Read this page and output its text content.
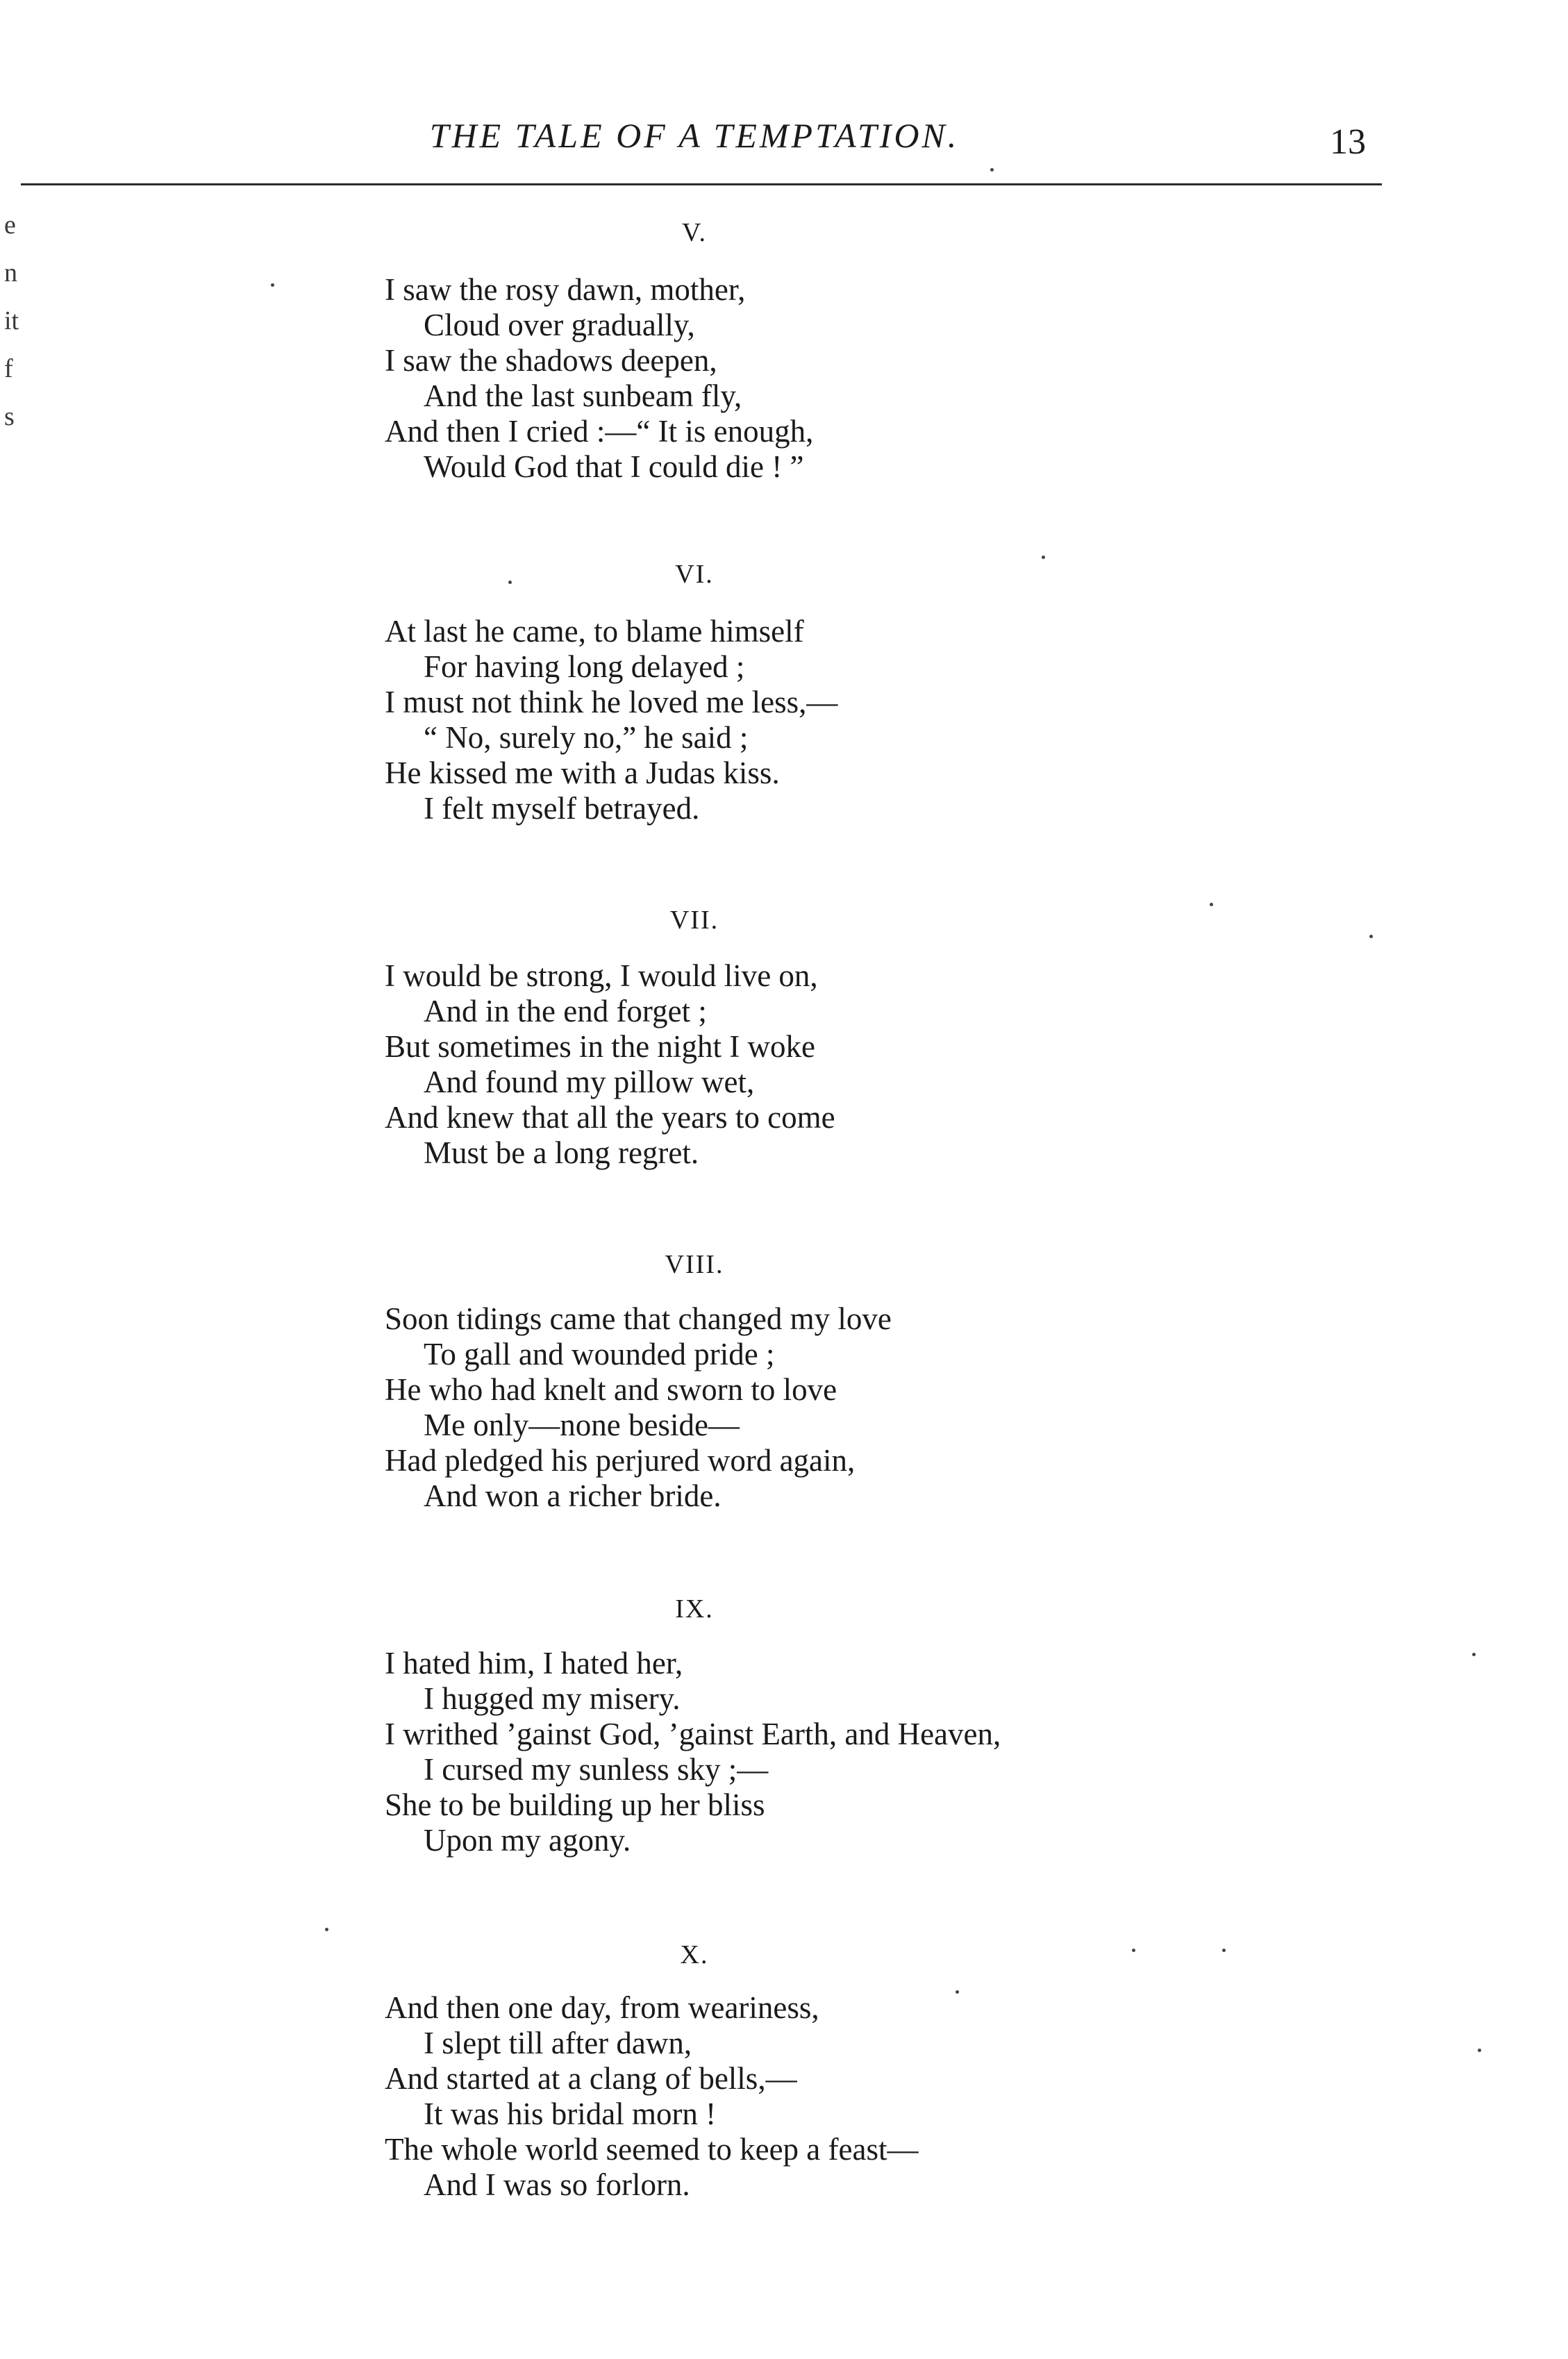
THE TALE OF A TEMPTATION.	13
e
n
it
f
s
V.
I saw the rosy dawn, mother,
Cloud over gradually,
I saw the shadows deepen,
And the last sunbeam fly,
And then I cried :—“ It is enough,
Would God that I could die ! ”
VI.
At last he came, to blame himself
For having long delayed ;
I must not think he loved me less,—
“ No, surely no,” he said ;
He kissed me with a Judas kiss.
I felt myself betrayed.
VII.
I would be strong, I would live on,
And in the end forget ;
But sometimes in the night I woke
And found my pillow wet,
And knew that all the years to come
Must be a long regret.
VIII.
Soon tidings came that changed my love
To gall and wounded pride ;
He who had knelt and sworn to love
Me only—none beside—
Had pledged his perjured word again,
And won a richer bride.
IX.
I hated him, I hated her,
I hugged my misery.
I writhed ’gainst God, ’gainst Earth, and Heaven,
I cursed my sunless sky ;—
She to be building up her bliss
Upon my agony.
X.
And then one day, from weariness,
I slept till after dawn,
And started at a clang of bells,—
It was his bridal morn !
The whole world seemed to keep a feast—
And I was so forlorn.
